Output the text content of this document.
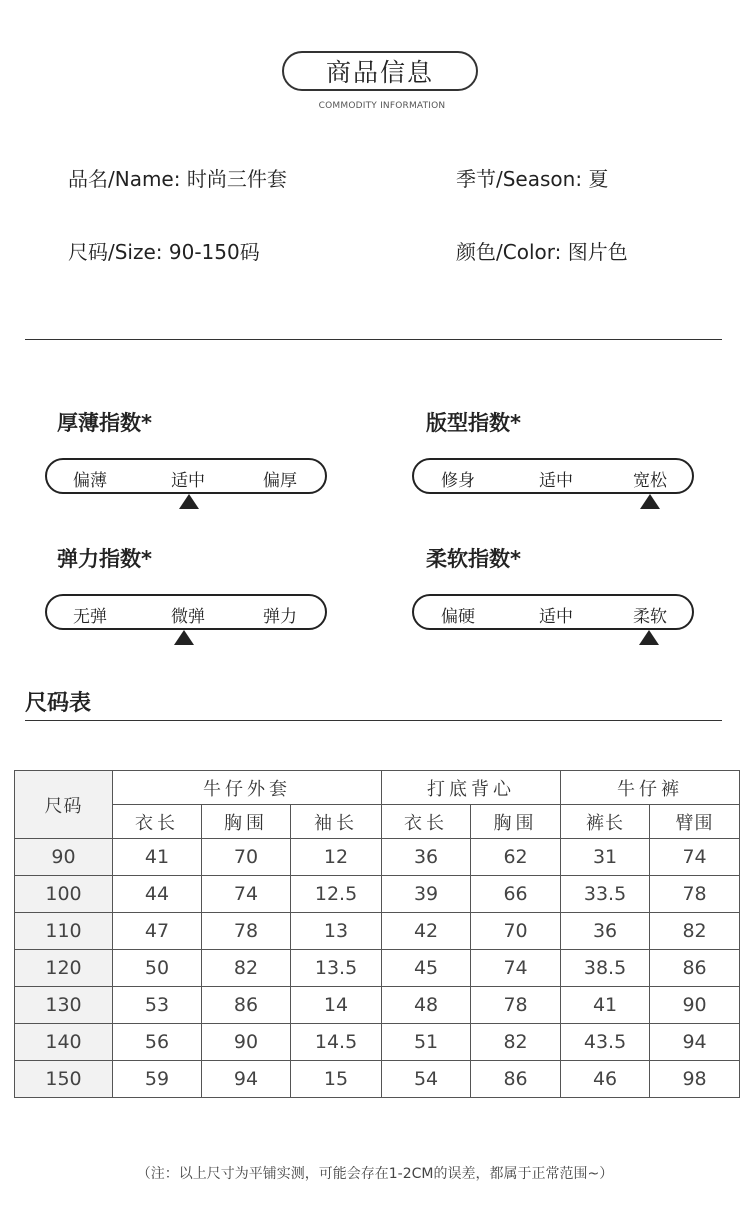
商品信息
COMMODITY INFORMATION
品名/Name: 时尚三件套	季节/Season: 夏
尺码/Size: 90-150码	颜色/Color: 图片色
厚薄指数*
偏薄	适中	偏厚
版型指数*
修身	适中	宽松
弹力指数*
无弹	微弹	弹力
柔软指数*
偏硬	适中	柔软
尺码表
尺码	牛仔外套			打底背心		牛仔裤	
	衣长	胸围	袖长	衣长	胸围	裤长	臂围
90	41	70	12	36	62	31	74
100	44	74	12.5	39	66	33.5	78
110	47	78	13	42	70	36	82
120	50	82	13.5	45	74	38.5	86
130	53	86	14	48	78	41	90
140	56	90	14.5	51	82	43.5	94
150	59	94	15	54	86	46	98
（注：以上尺寸为平铺实测，可能会存在1-2CM的误差，都属于正常范围~）
